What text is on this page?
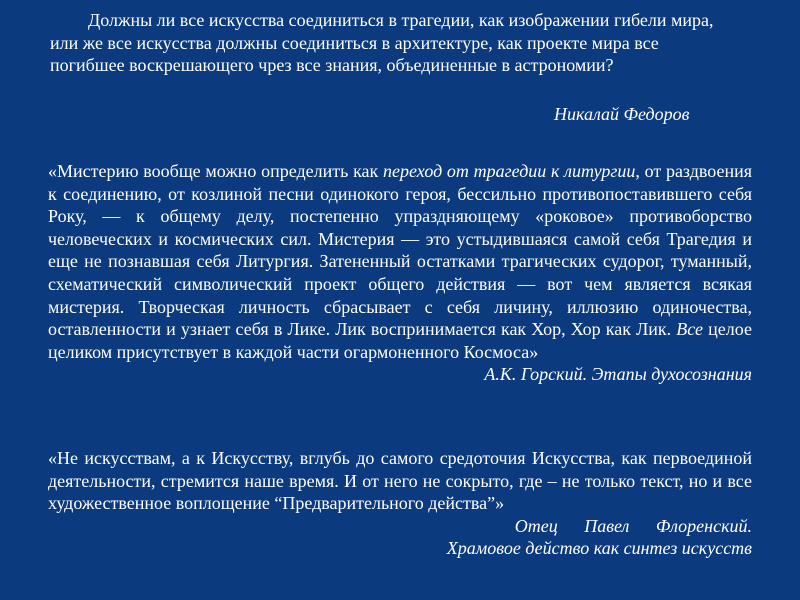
Должны ли все искусства соединиться в трагедии, как изображении гибели мира, или же все искусства должны соединиться в архитектуре, как проекте мира все погибшее воскрешающего чрез все знания, объединенные в астрономии?

Никалай Федоров

«Мистерию вообще можно определить как переход от трагедии к литургии, от раздвоения к соединению, от козлиной песни одинокого героя, бессильно противопоставившего себя Року, — к общему делу, постепенно упраздняющему «роковое» противоборство человеческих и космических сил. Мистерия — это устыдившаяся самой себя Трагедия и еще не познавшая себя Литургия. Затененный остатками трагических судорог, туманный, схематический символический проект общего действия — вот чем является всякая мистерия. Творческая личность сбрасывает с себя личину, иллюзию одиночества, оставленности и узнает себя в Лике. Лик воспринимается как Хор, Хор как Лик. Все целое целиком присутствует в каждой части огармоненного Космоса»

А.К. Горский. Этапы духосознания

«Не искусствам, а к Искусству, вглубь до самого средоточия Искусства, как первоединой деятельности, стремится наше время. И от него не сокрыто, где – не только текст, но и все художественное воплощение “Предварительного действа”»

Отец Павел Флоренский.
Храмовое действо как синтез искусств
